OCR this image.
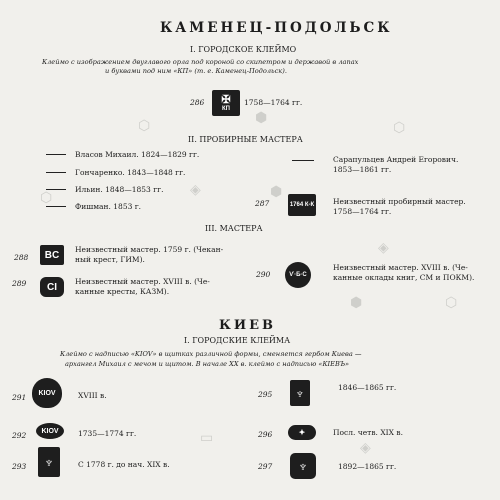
⬡	⬢
⬡
◈	⬢
⬡
◈
⬢	⬡
▭
◈
КАМЕНЕЦ-ПОДОЛЬСК
I. ГОРОДСКОЕ КЛЕЙМО
Клеймо с изображением двуглавого орла под короной со скипетром и державой в лапах
и буквами под ним «КП» (т. е. Каменец-Подольск).
286 ✠
КП
1758—1764 гг.
II. ПРОБИРНЫЕ МАСТЕРА
Власов Михаил. 1824—1829 гг.
Гончаренко. 1843—1848 гг.
Ильин. 1848—1853 гг.
Фишман. 1853 г.
Сарапульцев Андрей Егорович.
1853—1861 гг.
287	1764 К-К	Неизвестный пробирный мастер.
1758—1764 гг.
III. МАСТЕРА
288	BC	Неизвестный мастер. 1759 г. (Чекан-
ный крест, ГИМ).
289	CI	Неизвестный мастер. XVIII в. (Че-
канные кресты, КАЗМ).
290	Ѵ·Б·С
Неизвестный мастер. XVIII в. (Че-
канные оклады книг, СМ и ПОКМ).
КИЕВ
I. ГОРОДСКИЕ КЛЕЙМА
Клеймо с надписью «KIOV» в щитках различной формы, сменяется гербом Киева —
архангел Михаил с мечом и щитом. В начале XX в. клеймо с надписью «КIЕВЪ»
291	KIOV	XVIII в.
292	KIOV	1735—1774 гг.
293	♆	С 1778 г. до нач. XIX в.
295	♆	1846—1865 гг.
296	✦	Посл. четв. XIX в.
297	♆	1892—1865 гг.
